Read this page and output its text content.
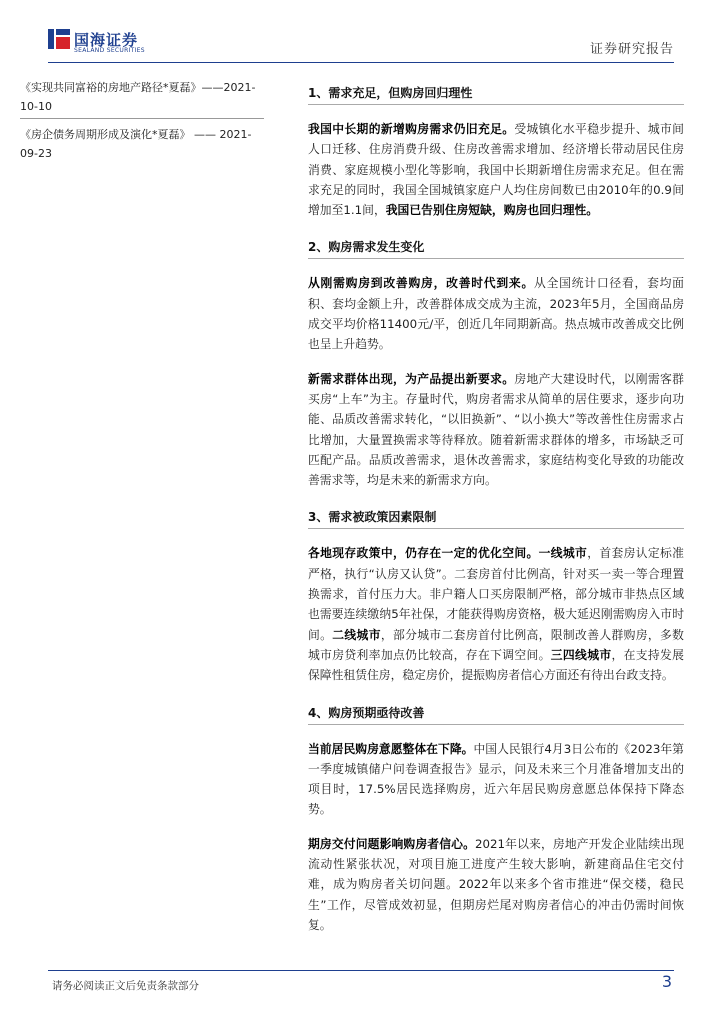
国海证券
SEALAND SECURITIES	证券研究报告
《实现共同富裕的房地产路径*夏磊》——2021-
10-10
《房企债务周期形成及演化*夏磊》 —— 2021-
09-23
1、需求充足，但购房回归理性

我国中长期的新增购房需求仍旧充足。受城镇化水平稳步提升、城市间人口迁移、住房消费升级、住房改善需求增加、经济增长带动居民住房消费、家庭规模小型化等影响，我国中长期新增住房需求充足。但在需求充足的同时，我国全国城镇家庭户人均住房间数已由2010年的0.9间增加至1.1间，我国已告别住房短缺，购房也回归理性。

2、购房需求发生变化

从刚需购房到改善购房，改善时代到来。从全国统计口径看，套均面积、套均金额上升，改善群体成交成为主流，2023年5月，全国商品房成交平均价格11400元/平，创近几年同期新高。热点城市改善成交比例也呈上升趋势。

新需求群体出现，为产品提出新要求。房地产大建设时代，以刚需客群买房“上车”为主。存量时代，购房者需求从简单的居住要求，逐步向功能、品质改善需求转化，“以旧换新”、“以小换大”等改善性住房需求占比增加，大量置换需求等待释放。随着新需求群体的增多，市场缺乏可匹配产品。品质改善需求，退休改善需求，家庭结构变化导致的功能改善需求等，均是未来的新需求方向。

3、需求被政策因素限制

各地现存政策中，仍存在一定的优化空间。一线城市，首套房认定标准严格，执行“认房又认贷”。二套房首付比例高，针对买一卖一等合理置换需求，首付压力大。非户籍人口买房限制严格，部分城市非热点区域也需要连续缴纳5年社保，才能获得购房资格，极大延迟刚需购房入市时间。二线城市，部分城市二套房首付比例高，限制改善人群购房，多数城市房贷利率加点仍比较高，存在下调空间。三四线城市，在支持发展保障性租赁住房，稳定房价，提振购房者信心方面还有待出台政支持。

4、购房预期亟待改善

当前居民购房意愿整体在下降。中国人民银行4月3日公布的《2023年第一季度城镇储户问卷调查报告》显示，问及未来三个月准备增加支出的项目时，17.5%居民选择购房，近六年居民购房意愿总体保持下降态势。

期房交付问题影响购房者信心。2021年以来，房地产开发企业陆续出现流动性紧张状况，对项目施工进度产生较大影响，新建商品住宅交付难，成为购房者关切问题。2022年以来多个省市推进“保交楼，稳民生”工作，尽管成效初显，但期房烂尾对购房者信心的冲击仍需时间恢复。

请务必阅读正文后免责条款部分	3
